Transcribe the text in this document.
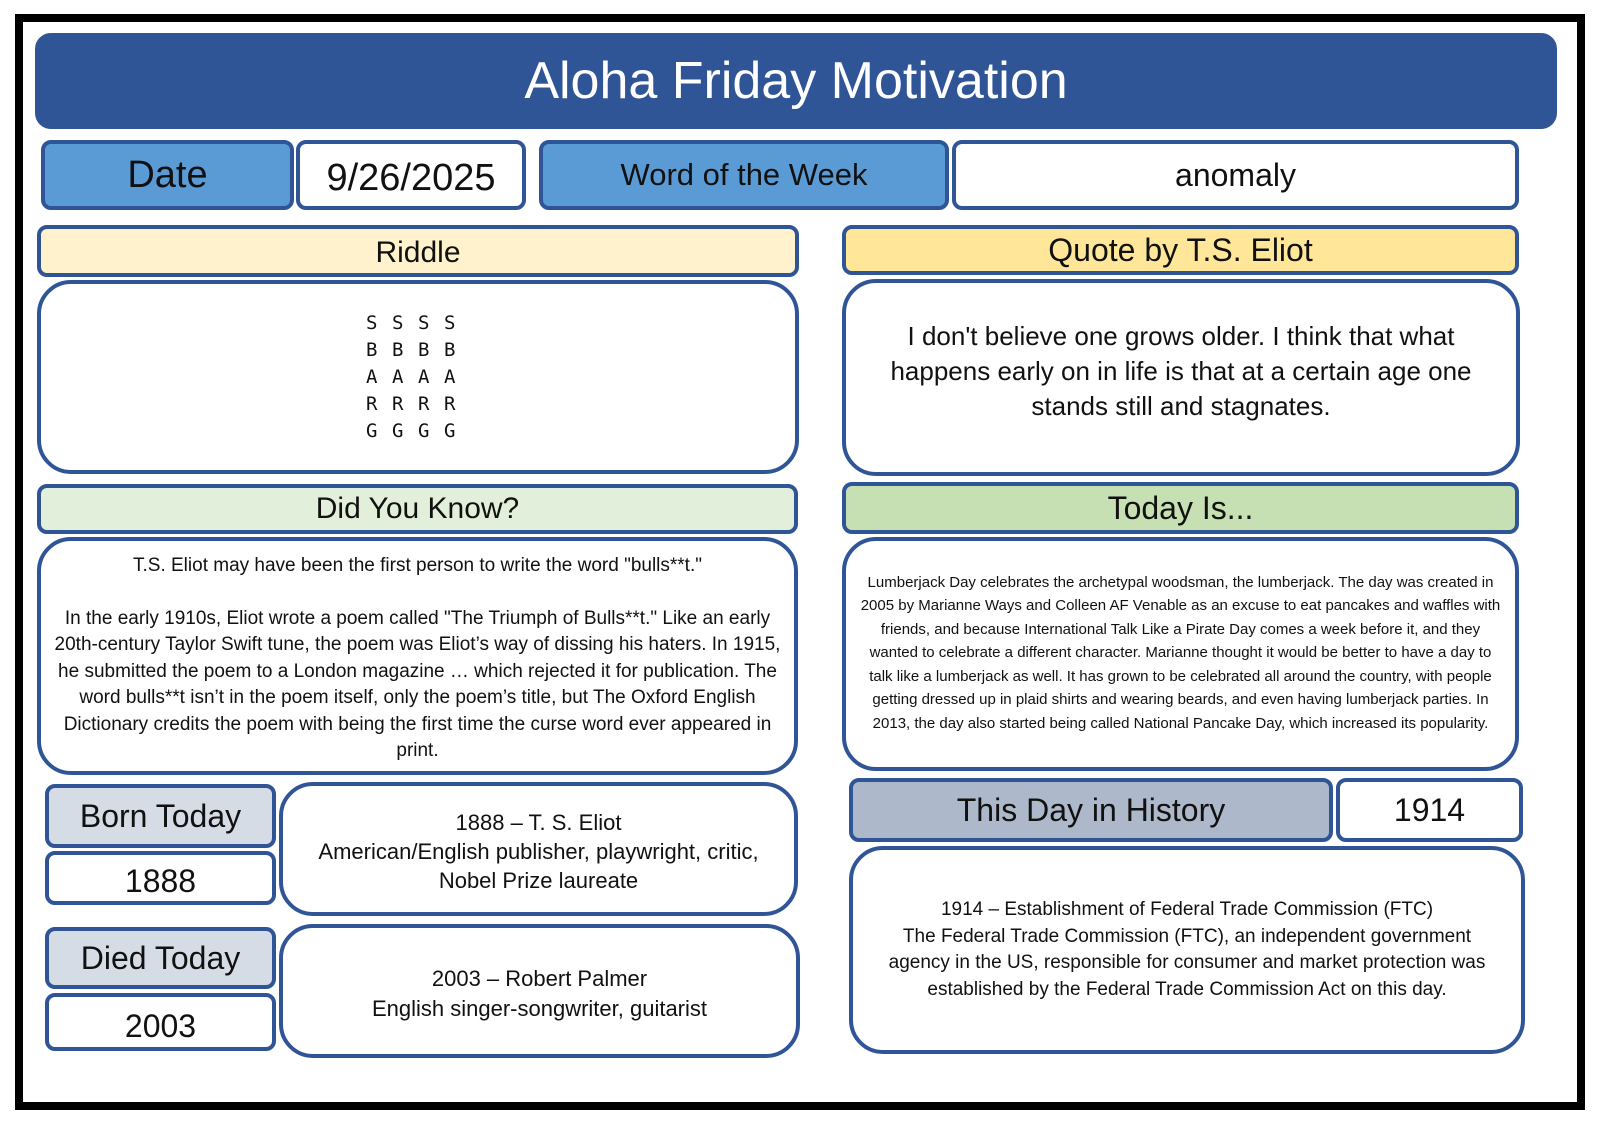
Aloha Friday Motivation
Date	9/26/2025	Word of the Week	anomaly
Riddle
S S S S
B B B B
A A A A
R R R R
G G G G
Quote by T.S. Eliot
I don't believe one grows older. I think that what happens early on in life is that at a certain age one stands still and stagnates.
Did You Know?
T.S. Eliot may have been the first person to write the word "bulls**t."
In the early 1910s, Eliot wrote a poem called "The Triumph of Bulls**t." Like an early 20th-century Taylor Swift tune, the poem was Eliot’s way of dissing his haters. In 1915, he submitted the poem to a London magazine … which rejected it for publication. The word bulls**t isn’t in the poem itself, only the poem’s title, but The Oxford English Dictionary credits the poem with being the first time the curse word ever appeared in print.
Today Is...
Lumberjack Day celebrates the archetypal woodsman, the lumberjack. The day was created in 2005 by Marianne Ways and Colleen AF Venable as an excuse to eat pancakes and waffles with friends, and because International Talk Like a Pirate Day comes a week before it, and they wanted to celebrate a different character. Marianne thought it would be better to have a day to talk like a lumberjack as well. It has grown to be celebrated all around the country, with people getting dressed up in plaid shirts and wearing beards, and even having lumberjack parties. In 2013, the day also started being called National Pancake Day, which increased its popularity.
Born Today
1888
1888 – T. S. Eliot
American/English publisher, playwright, critic, Nobel Prize laureate
Died Today
2003
2003 – Robert Palmer
English singer-songwriter, guitarist
This Day in History	1914
1914 – Establishment of Federal Trade Commission (FTC)
The Federal Trade Commission (FTC), an independent government agency in the US, responsible for consumer and market protection was established by the Federal Trade Commission Act on this day.
